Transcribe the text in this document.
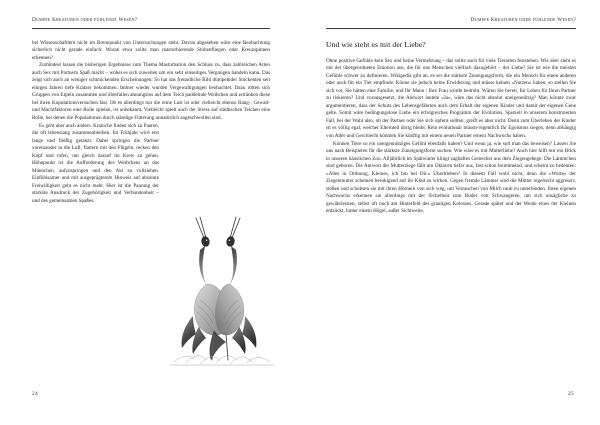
Dumpfe Kreaturen oder fühlende Wesen?

bei Wissenschaftlern nicht im Brennpunkt von Untersuchungen steht. Davon abgesehen wäre eine Beobachtung sicherlich nicht gerade einfach: Woran etwa sollte man masturbierende Stubenfliegen oder Kreuzspinnen erkennen?

Zumindest lassen die bisherigen Ergebnisse zum Thema Masturbation den Schluss zu, dass zahlreichen Arten auch Sex mit Partnern Spaß macht – wobei es sich zuweilen um ein sehr einseitiges Vergnügen handeln kann. Das zeigt sich auch an weniger schmückenden Erscheinungen: So hat das freundliche Bild dümpelnder Stockenten seit einigen Jahren tiefe Kratzer bekommen. Immer wieder wurden Vergewaltigungen beobachtet. Dazu rotten sich Gruppen von Erpeln zusammen und überfallen ahnungslos auf dem Teich paddelnde Weibchen und ertränken diese bei ihren Kopulationsversuchen fast. Ob es allerdings nur die reine Lust ist oder vielleicht ebenso Rang-, Gewalt- und Machtfaktoren eine Rolle spielen, ist unbekannt. Vielleicht spielt auch der Stress auf städtischen Teichen eine Rolle, bei denen die Populationen durch ständige Fütterung unnatürlich angeschwollen sind.

Es geht aber auch anders. Kraniche finden sich zu Paaren, die oft lebenslang zusammenbleiben. Im Frühjahr wird erst lange und fleißig getanzt. Dabei springen die Partner voreinander in die Luft, flattern mit den Flügeln, recken den Kopf und rufen, um gleich darauf im Kreis zu gehen. Höhepunkt ist die Aufforderung des Weibchens an das Männchen, aufzuspringen und den Akt zu vollziehen. Einfühlsamer und mit ausgeprägterem Hinweis auf absolute Freiwilligkeit geht es nicht mehr. Hier ist die Paarung der stärkste Ausdruck der Zugehörigkeit und Verbundenheit – und des gemeinsamen Spaßes.

24
Dumpfe Kreaturen oder fühlende Wesen?
Und wie steht es mit der Liebe?

Ohne positive Gefühle kein Sex und keine Vermehrung – das sollte auch für viele Tierarten feststehen. Wie aber sieht es mit der übergeordneten Emotion aus, die für uns Menschen vielfach dazugehört – der Liebe? Sie ist wie die meisten Gefühle schwer zu definieren. Wikipedia gibt an, es sei die stärkste Zuneigungsform, die ein Mensch für einen anderen oder auch für ein Tier empfinde. Könne sie jedoch keine Erwiderung und müsse keinen »Nutzen« haben, so stellen Sie sich vor, Sie hätten eine Familie, und Ihr Mann / Ihre Frau würde bedroht. Wären Sie bereit, Ihr Leben für Ihren Partner zu riskieren? Und vorausgesetzt, die Antwort lautete »Ja«, wäre das nicht absolut uneigennützig? Man könnte zwar argumentieren, dass der Schutz des Lebensgefährten auch dem Erhalt der eigenen Kinder und damit der eigenen Gene gelte. Somit wäre bedingungslose Liebe ein erfolgreiches Programm der Evolution. Speziell in unserem konstruierten Fall, bei der Wahl also, ob der Partner oder Sie sich opfern sollten, greift es aber nicht. Denn zum Überleben der Kinder ist es völlig egal, welcher Elternteil übrig bleibt. Rein evolutionär müsste eigentlich Ihr Egoismus siegen, denn abhängig von Alter und Geschlecht könnten Sie künftig mit einem neuen Partner erneut Nachwuchs haben.

Können Tiere so ein uneigennütziges Gefühl ebenfalls haben? Und wenn ja, wie soll man das beweisen? Lassen Sie uns nach Beispielen für die stärkste Zuneigungsform suchen. Wie wäre es mit Mutterliebe? Auch hier hilft mir ein Blick in unseren häuslichen Zoo. Alljährlich im Spätwinter klingt zaghaftes Gemecker aus dem Ziegengehege. Die Lämmchen sind geboren. Die Antwort der Mutterziege fällt um Oktaven tiefer aus, fast schon brummelnd, und scheint zu bedeuten: »Alles in Ordnung, Kleines, ich bin bei Dir.« Übertrieben? In diesem Fall wohl nicht, denn die »Worte« der Ziegenmutter scheinen beruhigend auf ihr Kind zu wirken. Gegen fremde Lämmer sind die Mütter regelrecht aggressiv, stoßen und schubsen sie mit ihren Hörnern von sich weg, um Verrauchen von Milch raub zu unterbinden. Ihren eigenen Nachwuchs erkennen sie allerdings mit der Sicherheit zum Ruder von Schwangeren, um sich unsägliche zu gewährleisten, selbst oft noch am Hinterfeld des grauligen Kolosses. Gerade später und der Weide eines der Kleinen entzückt, hinter einem Hügel, außer Sichtweite,

25
